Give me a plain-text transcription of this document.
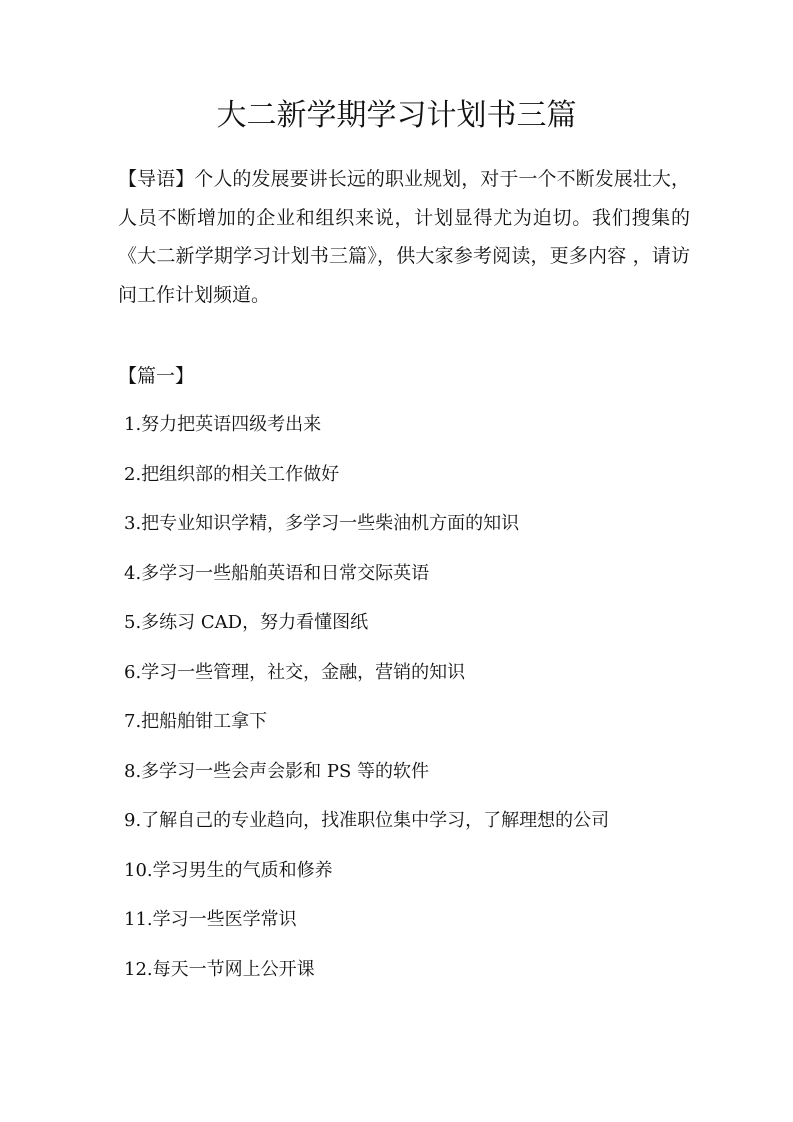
大二新学期学习计划书三篇

【导语】个人的发展要讲长远的职业规划，对于一个不断发展壮大，人员不断增加的企业和组织来说，计划显得尤为迫切。我们搜集的《大二新学期学习计划书三篇》，供大家参考阅读，更多内容 ，请访问工作计划频道。

【篇一】

1.努力把英语四级考出来
2.把组织部的相关工作做好
3.把专业知识学精，多学习一些柴油机方面的知识
4.多学习一些船舶英语和日常交际英语
5.多练习 CAD，努力看懂图纸
6.学习一些管理，社交，金融，营销的知识
7.把船舶钳工拿下
8.多学习一些会声会影和 PS 等的软件
9.了解自己的专业趋向，找准职位集中学习，了解理想的公司
10.学习男生的气质和修养
11.学习一些医学常识
12.每天一节网上公开课
